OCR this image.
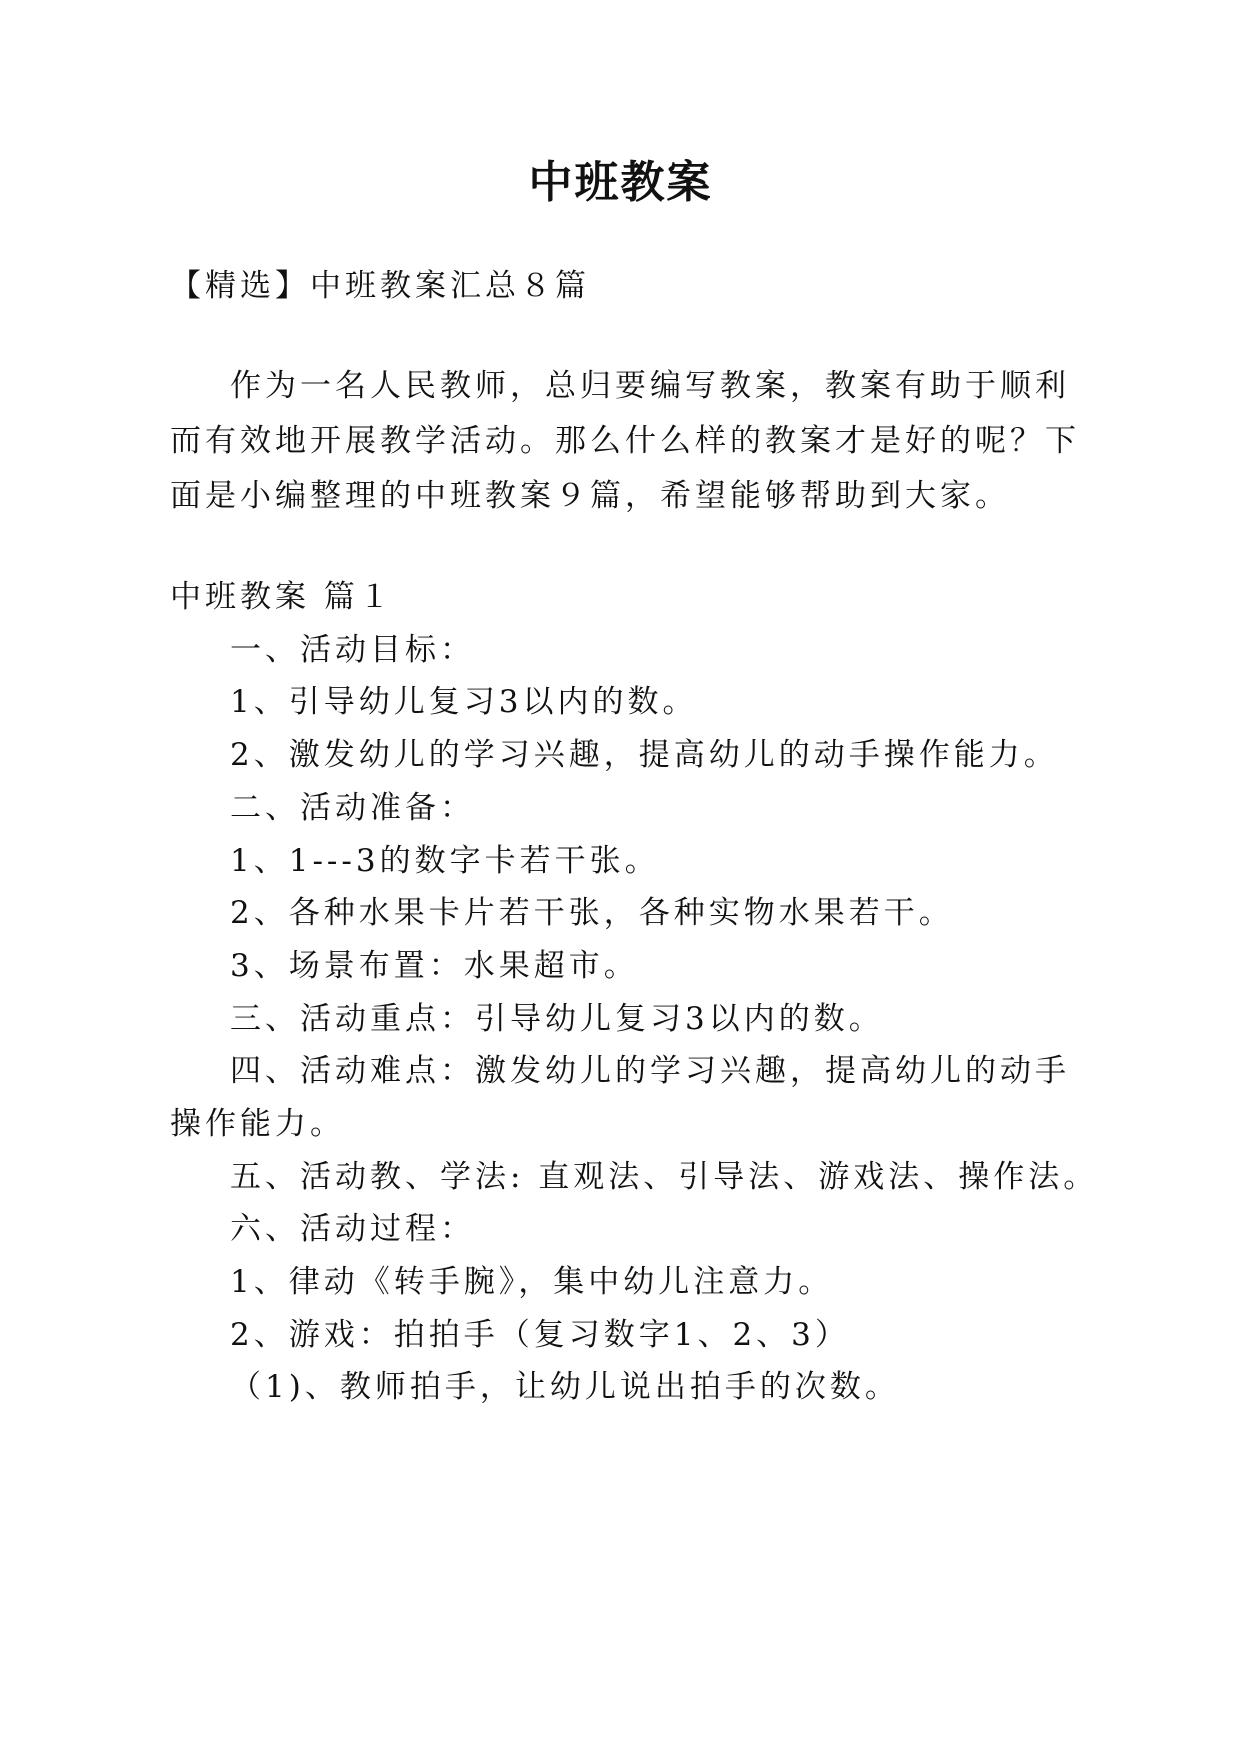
中班教案
【精选】中班教案汇总８篇
作为一名人民教师，总归要编写教案，教案有助于顺利
而有效地开展教学活动。那么什么样的教案才是好的呢？下
面是小编整理的中班教案９篇，希望能够帮助到大家。
中班教案 篇１
一、活动目标：
1、引导幼儿复习3以内的数。
2、激发幼儿的学习兴趣，提高幼儿的动手操作能力。
二、活动准备：
1、1---3的数字卡若干张。
2、各种水果卡片若干张，各种实物水果若干。
3、场景布置：水果超市。
三、活动重点：引导幼儿复习3以内的数。
四、活动难点：激发幼儿的学习兴趣，提高幼儿的动手
操作能力。
五、活动教、学法: 直观法、引导法、游戏法、操作法。
六、活动过程：
1、律动《转手腕》，集中幼儿注意力。
2、游戏：拍拍手（复习数字1、2、3）
（1)、教师拍手，让幼儿说出拍手的次数。
